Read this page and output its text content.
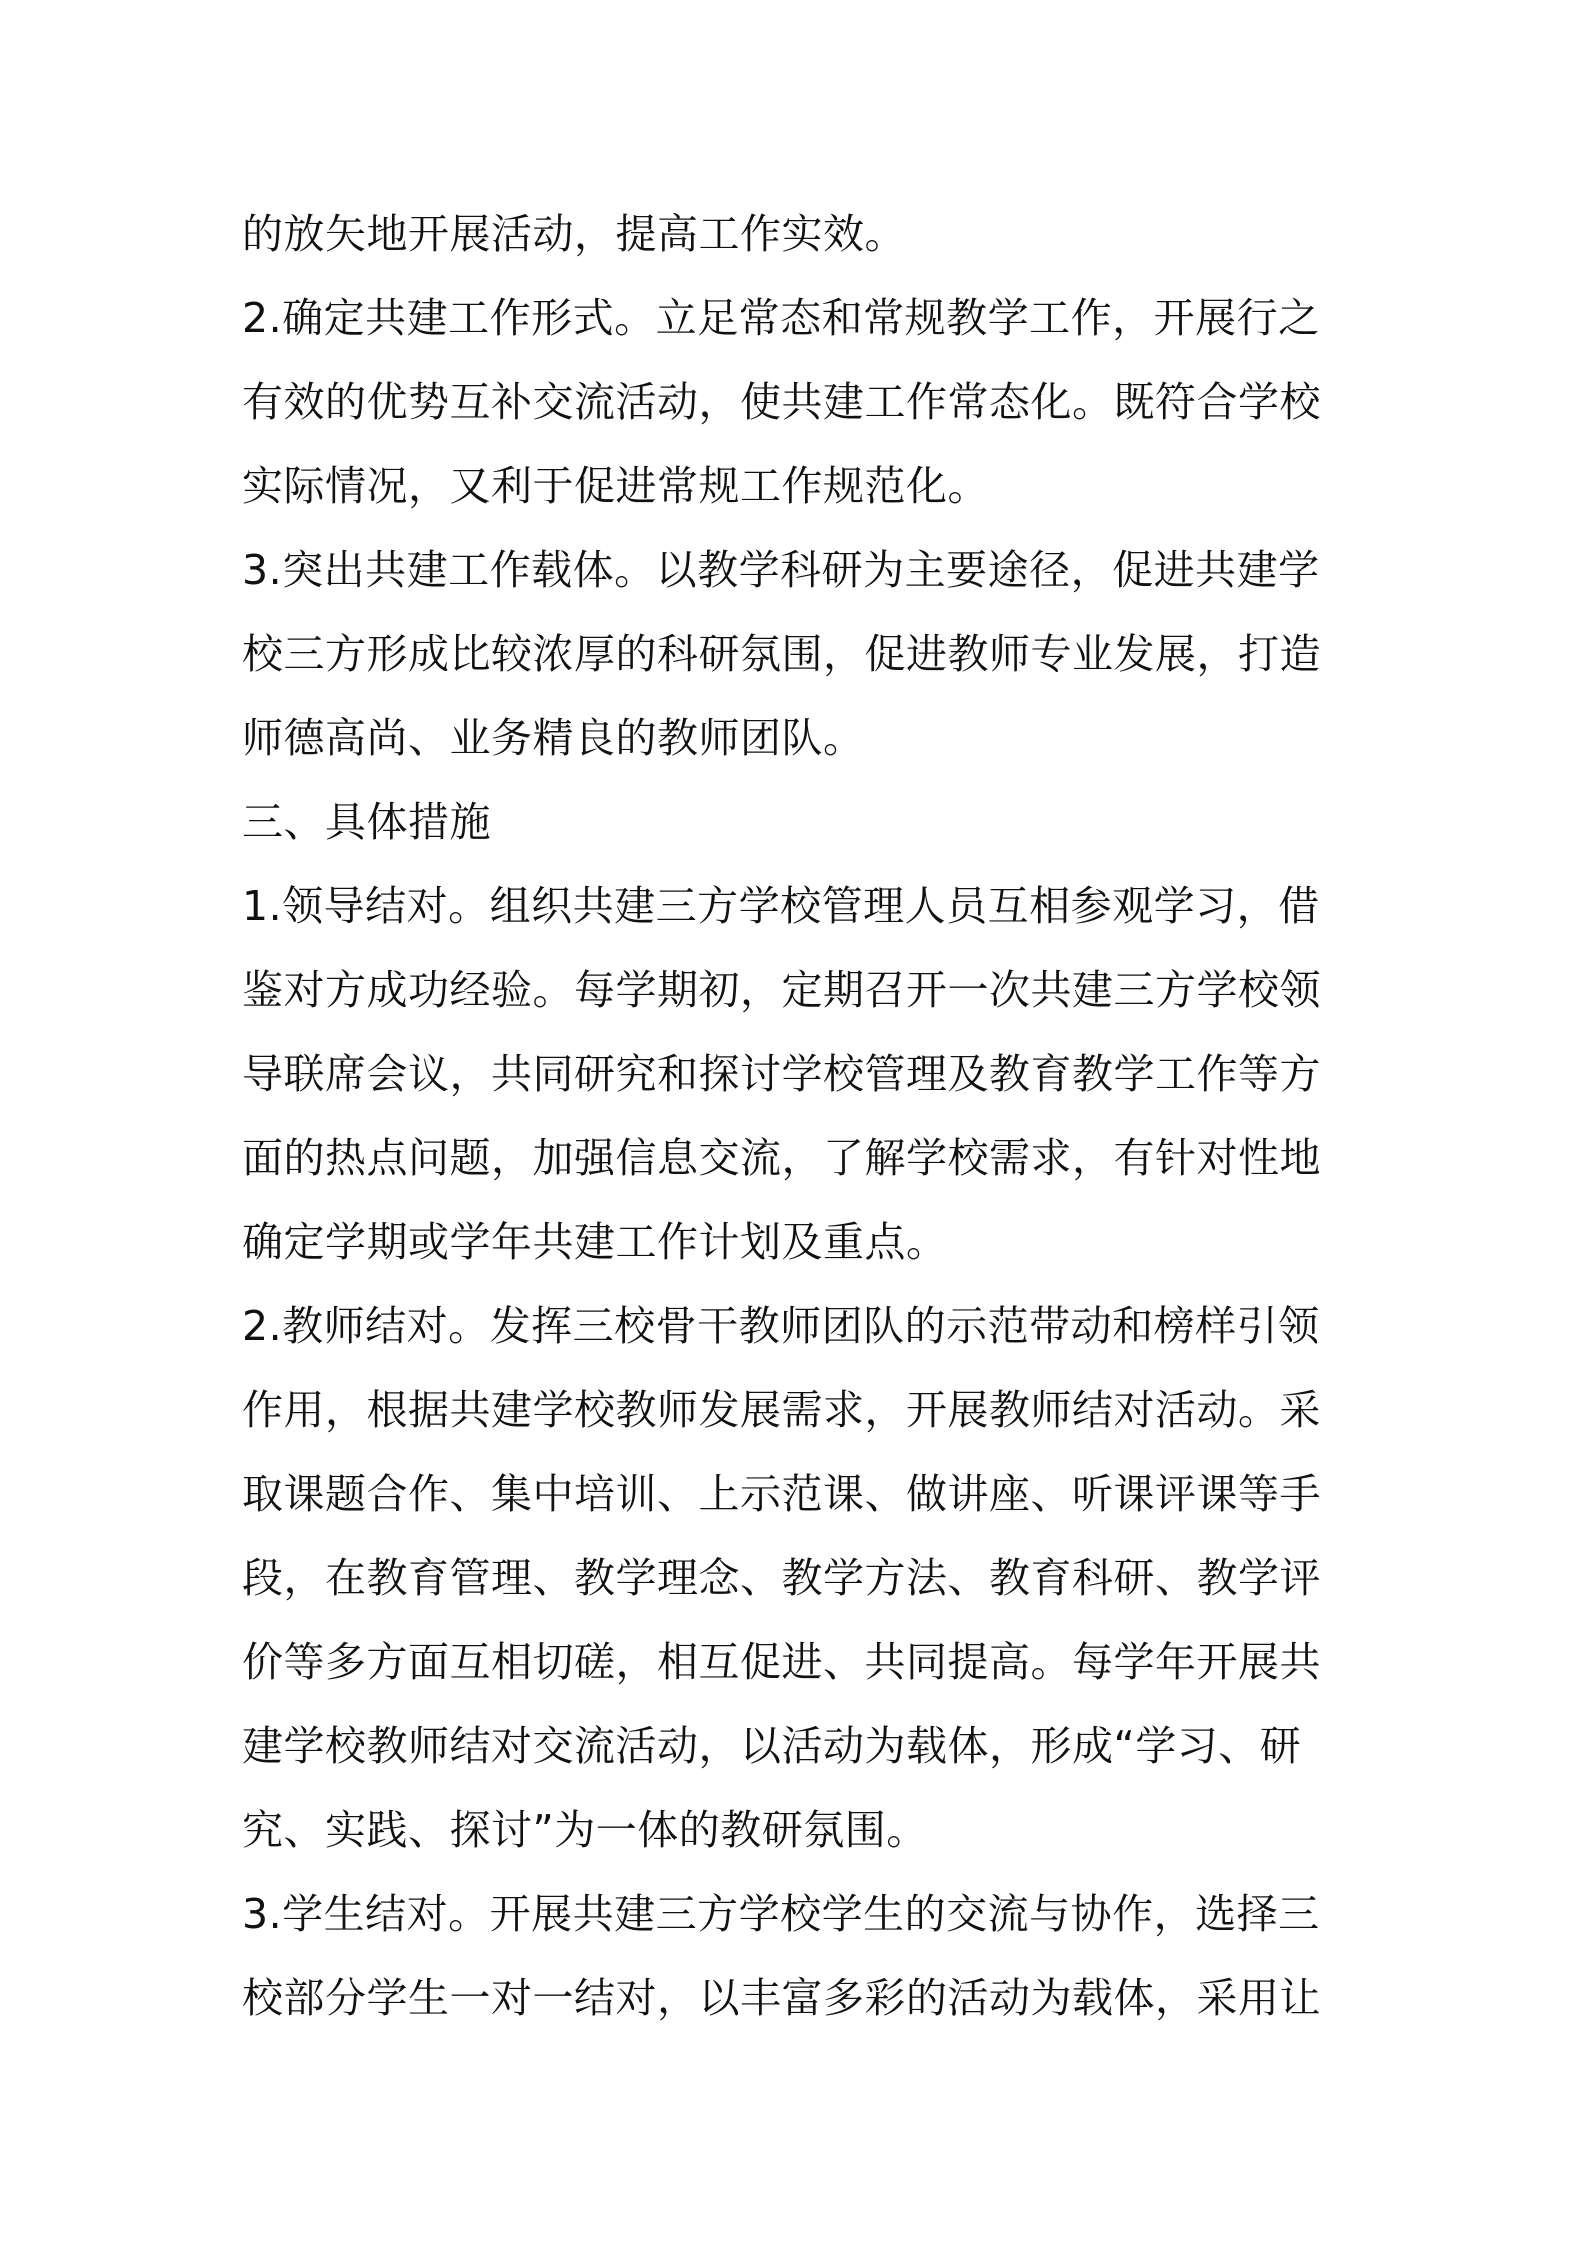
的放矢地开展活动，提高工作实效。
2.确定共建工作形式。立足常态和常规教学工作，开展行之
有效的优势互补交流活动，使共建工作常态化。既符合学校
实际情况，又利于促进常规工作规范化。
3.突出共建工作载体。以教学科研为主要途径，促进共建学
校三方形成比较浓厚的科研氛围，促进教师专业发展，打造
师德高尚、业务精良的教师团队。
三、具体措施
1.领导结对。组织共建三方学校管理人员互相参观学习，借
鉴对方成功经验。每学期初，定期召开一次共建三方学校领
导联席会议，共同研究和探讨学校管理及教育教学工作等方
面的热点问题，加强信息交流，了解学校需求，有针对性地
确定学期或学年共建工作计划及重点。
2.教师结对。发挥三校骨干教师团队的示范带动和榜样引领
作用，根据共建学校教师发展需求，开展教师结对活动。采
取课题合作、集中培训、上示范课、做讲座、听课评课等手
段，在教育管理、教学理念、教学方法、教育科研、教学评
价等多方面互相切磋，相互促进、共同提高。每学年开展共
建学校教师结对交流活动，以活动为载体，形成“学习、研
究、实践、探讨”为一体的教研氛围。
3.学生结对。开展共建三方学校学生的交流与协作，选择三
校部分学生一对一结对，以丰富多彩的活动为载体，采用让
